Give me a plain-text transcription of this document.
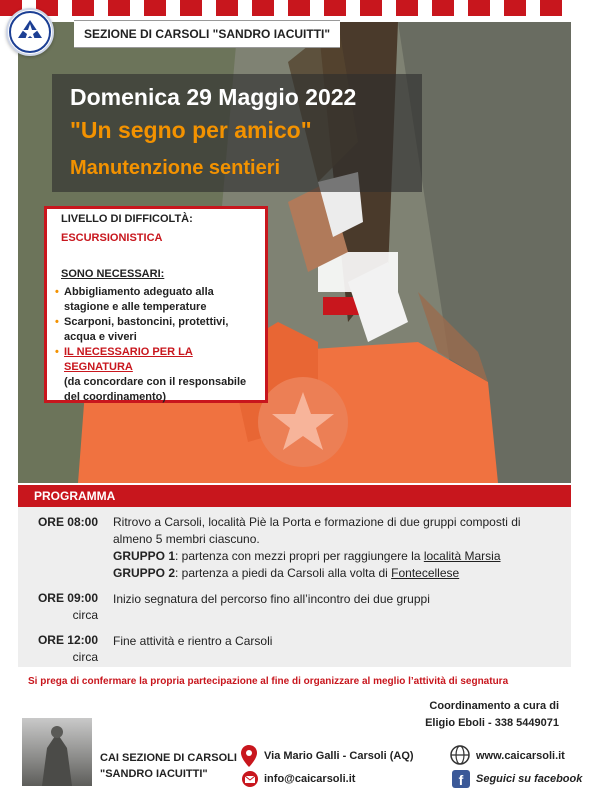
SEZIONE DI CARSOLI "SANDRO IACUITTI"
Domenica 29 Maggio 2022
"Un segno per amico"
Manutenzione sentieri
LIVELLO DI DIFFICOLTÀ:
ESCURSIONISTICA
SONO NECESSARI:
• Abbigliamento adeguato alla stagione e alle temperature
• Scarponi, bastoncini, protettivi, acqua e viveri
• IL NECESSARIO PER LA SEGNATURA
(da concordare con il responsabile del coordinamento)
PROGRAMMA
ORE 08:00 Ritrovo a Carsoli, località Piè la Porta e formazione di due gruppi composti di almeno 5 membri ciascuno.
GRUPPO 1: partenza con mezzi propri per raggiungere la località Marsia
GRUPPO 2: partenza a piedi da Carsoli alla volta di Fontecellese
ORE 09:00
circa
Inizio segnatura del percorso fino all’incontro dei due gruppi
ORE 12:00
circa
Fine attività e rientro a Carsoli
Si prega di confermare la propria partecipazione al fine di organizzare al meglio l’attività di segnatura
Coordinamento a cura di
Eligio Eboli - 338 5449071
CAI SEZIONE DI CARSOLI
"SANDRO IACUITTI"
Via Mario Galli - Carsoli (AQ)
info@caicarsoli.it
www.caicarsoli.it
f	Seguici su facebook
